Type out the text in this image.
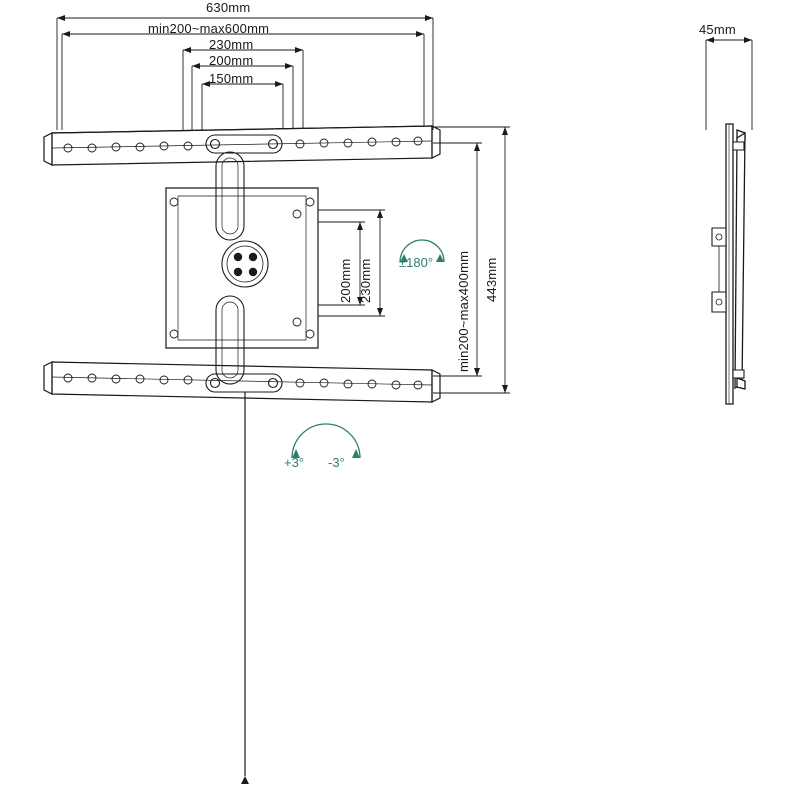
630mm
min200~max600mm
230mm
200mm
150mm
200mm 230mm	min200~max400mm 443mm
±180°
+3° -3°
45mm
